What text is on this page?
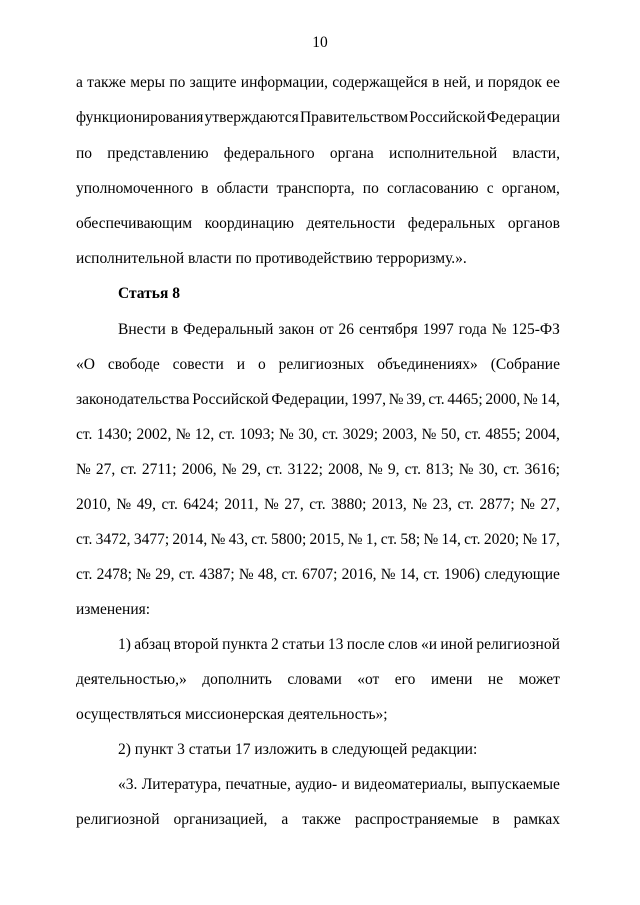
10
а также меры по защите информации, содержащейся в ней, и порядок ее
функционирования утверждаются Правительством Российской Федерации
по представлению федерального органа исполнительной власти,
уполномоченного в области транспорта, по согласованию с органом,
обеспечивающим координацию деятельности федеральных органов
исполнительной власти по противодействию терроризму.».
Статья 8
Внести в Федеральный закон от 26 сентября 1997 года № 125-ФЗ
«О свободе совести и о религиозных объединениях» (Собрание
законодательства Российской Федерации, 1997, № 39, ст. 4465; 2000, № 14,
ст. 1430; 2002, № 12, ст. 1093; № 30, ст. 3029; 2003, № 50, ст. 4855; 2004,
№ 27, ст. 2711; 2006, № 29, ст. 3122; 2008, № 9, ст. 813; № 30, ст. 3616;
2010, № 49, ст. 6424; 2011, № 27, ст. 3880; 2013, № 23, ст. 2877; № 27,
ст. 3472, 3477; 2014, № 43, ст. 5800; 2015, № 1, ст. 58; № 14, ст. 2020; № 17,
ст. 2478; № 29, ст. 4387; № 48, ст. 6707; 2016, № 14, ст. 1906) следующие
изменения:
1) абзац второй пункта 2 статьи 13 после слов «и иной религиозной
деятельностью,» дополнить словами «от его имени не может
осуществляться миссионерская деятельность»;
2) пункт 3 статьи 17 изложить в следующей редакции:
«3. Литература, печатные, аудио- и видеоматериалы, выпускаемые
религиозной организацией, а также распространяемые в рамках
